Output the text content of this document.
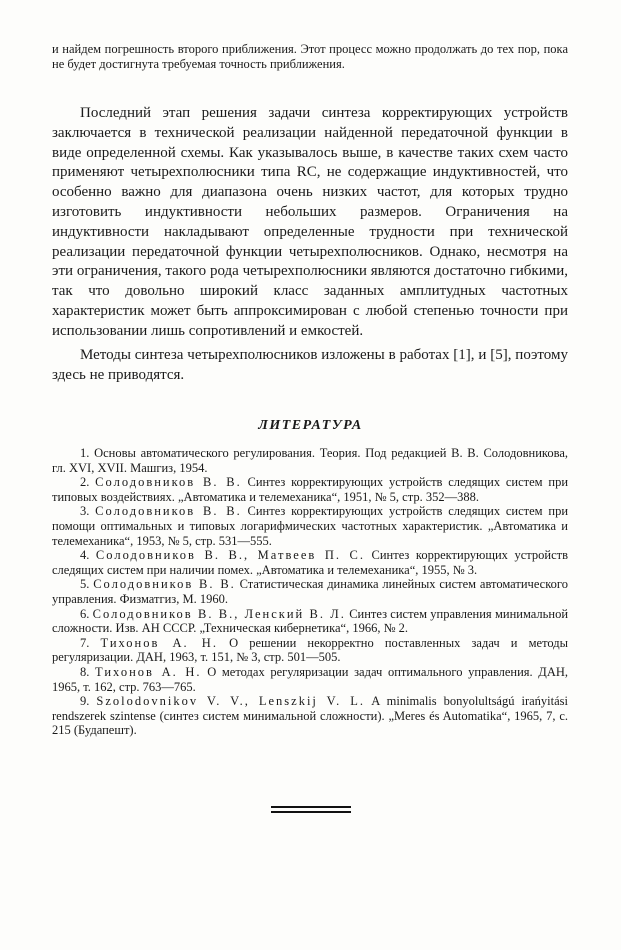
и найдем погрешность второго приближения. Этот процесс можно продолжать до тех пор, пока не будет достигнута требуемая точность приближения.

Последний этап решения задачи синтеза корректирующих устройств заключается в технической реализации найденной передаточной функции в виде определенной схемы. Как указывалось выше, в качестве таких схем часто применяют четырехполюсники типа RC, не содержащие индуктивностей, что особенно важно для диапазона очень низких частот, для которых трудно изготовить индуктивности небольших размеров. Ограничения на индуктивности накладывают определенные трудности при технической реализации передаточной функции четырехполюсников. Однако, несмотря на эти ограничения, такого рода четырехполюсники являются достаточно гибкими, так что довольно широкий класс заданных амплитудных частотных характеристик может быть аппроксимирован с любой степенью точности при использовании лишь сопротивлений и емкостей.

Методы синтеза четырехполюсников изложены в работах [1], и [5], поэтому здесь не приводятся.

ЛИТЕРАТУРА
1. Основы автоматического регулирования. Теория. Под редакцией В. В. Солодовникова, гл. XVI, XVII. Машгиз, 1954.
2. Солодовников В. В. Синтез корректирующих устройств следящих систем при типовых воздействиях. „Автоматика и телемеханика“, 1951, № 5, стр. 352—388.
3. Солодовников В. В. Синтез корректирующих устройств следящих систем при помощи оптимальных и типовых логарифмических частотных характеристик. „Автоматика и телемеханика“, 1953, № 5, стр. 531—555.
4. Солодовников В. В., Матвеев П. С. Синтез корректирующих устройств следящих систем при наличии помех. „Автоматика и телемеханика“, 1955, № 3.
5. Солодовников В. В. Статистическая динамика линейных систем автоматического управления. Физматгиз, М. 1960.
6. Солодовников В. В., Ленский В. Л. Синтез систем управления минимальной сложности. Изв. АН СССР. „Техническая кибернетика“, 1966, № 2.
7. Тихонов А. Н. О решении некорректно поставленных задач и методы регуляризации. ДАН, 1963, т. 151, № 3, стр. 501—505.
8. Тихонов А. Н. О методах регуляризации задач оптимального управления. ДАН, 1965, т. 162, стр. 763—765.
9. Szolodovnikov V. V., Lenszkij V. L. A minimalis bonyolultságú irańyitási rendszerek szintense (синтез систем минимальной сложности). „Meres és Automatika“, 1965, 7, с. 215 (Будапешт).
